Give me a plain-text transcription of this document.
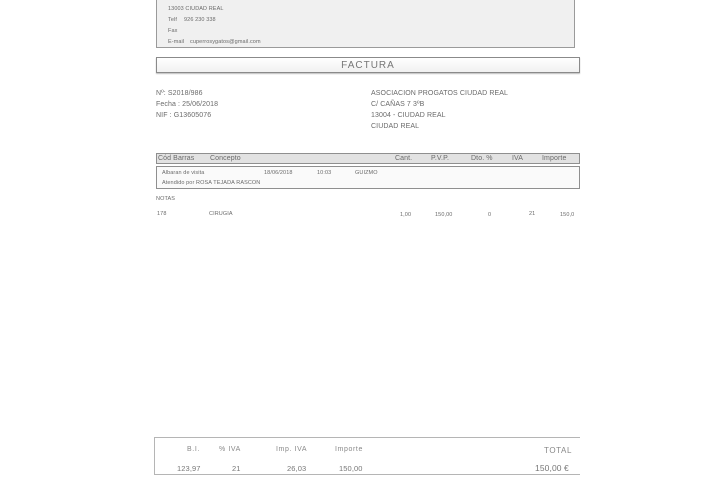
13003 CIUDAD REAL
Telf 926 230 338
Fax
E-mail cuperrosygatos@gmail.com
FACTURA
Nº: S2018/986
Fecha : 25/06/2018
NIF : G13605076
ASOCIACION PROGATOS CIUDAD REAL
C/ CAÑAS 7 3ºB
13004 - CIUDAD REAL
CIUDAD REAL
Cód Barras Concepto	Cant.	P.V.P.	Dto. %	IVA	Importe
Albaran de visita	18/06/2018	10:03	GUIZMO
Atendido por ROSA TEJADA RASCON
NOTAS
178	CIRUGIA	1,00	150,00	0	21	150,0
B.I.	% IVA	Imp. IVA	Importe	TOTAL
123,97	21	26,03	150,00	150,00 €
